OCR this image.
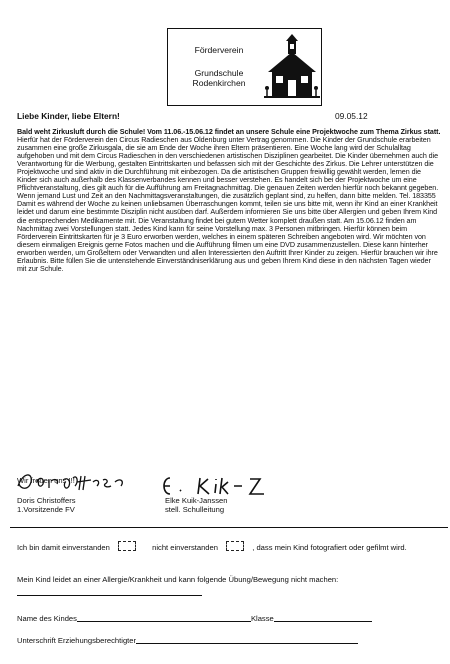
Förderverein
Grundschule
Rodenkirchen
Liebe Kinder, liebe Eltern!	09.05.12

Bald weht Zirkusluft durch die Schule! Vom 11.06.-15.06.12 findet an unsere Schule eine Projektwoche zum Thema Zirkus statt.

Hierfür hat der Förderverein den Circus Radieschen aus Oldenburg unter Vertrag genommen. Die Kinder der Grundschule erarbeiten zusammen eine große Zirkusgala, die sie am Ende der Woche ihren Eltern präsentieren. Eine Woche lang wird der Schulalltag aufgehoben und mit dem Circus Radieschen in den verschiedenen artistischen Disziplinen gearbeitet. Die Kinder übernehmen auch die Verantwortung für die Werbung, gestalten Eintrittskarten und befassen sich mit der Geschichte des Zirkus. Die Lehrer unterstützen die Projektwoche und sind aktiv in die Durchführung mit einbezogen. Da die artistischen Gruppen freiwillig gewählt werden, lernen die Kinder sich auch außerhalb des Klassenverbandes kennen und besser verstehen. Es handelt sich bei der Projektwoche um eine Pflichtveranstaltung, dies gilt auch für die Aufführung am Freitagnachmittag. Die genauen Zeiten werden hierfür noch bekannt gegeben. Wenn jemand Lust und Zeit an den Nachmittagsveranstaltungen, die zusätzlich geplant sind, zu helfen, dann bitte melden. Tel. 183355 Damit es während der Woche zu keinen unliebsamen Überraschungen kommt, teilen sie uns bitte mit, wenn ihr Kind an einer Krankheit leidet und darum eine bestimmte Disziplin nicht ausüben darf. Außerdem informieren Sie uns bitte über Allergien und geben Ihrem Kind die entsprechenden Medikamente mit. Die Veranstaltung findet bei gutem Wetter komplett draußen statt. Am 15.06.12 finden am Nachmittag zwei Vorstellungen statt. Jedes Kind kann für seine Vorstellung max. 3 Personen mitbringen. Hierfür können beim Förderverein Eintrittskarten für je 3 Euro erworben werden, welches in einem späteren Schreiben angeboten wird. Wir möchten von diesem einmaligen Ereignis gerne Fotos machen und die Aufführung filmen um eine DVD zusammenzustellen. Diese kann hinterher erworben werden, um Großeltern oder Verwandten und allen Interessierten den Auftritt Ihrer Kinder zu zeigen. Hierfür brauchen wir ihre Erlaubnis. Bitte füllen Sie die untenstehende Einverständniserklärung aus und geben Ihrem Kind diese in den nächsten Tagen wieder mit zur Schule.

Wir freuen uns !!!
Doris Christoffers
1.Vorsitzende FV
Elke Kuik-Janssen
stell. Schulleitung
Ich bin damit einverstanden	nicht einverstanden	, dass mein Kind fotografiert oder gefilmt wird.
Mein Kind leidet an einer Allergie/Krankheit und kann folgende Übung/Bewegung nicht machen:
Name des Kindes	Klasse
Unterschrift Erziehungsberechtigter
